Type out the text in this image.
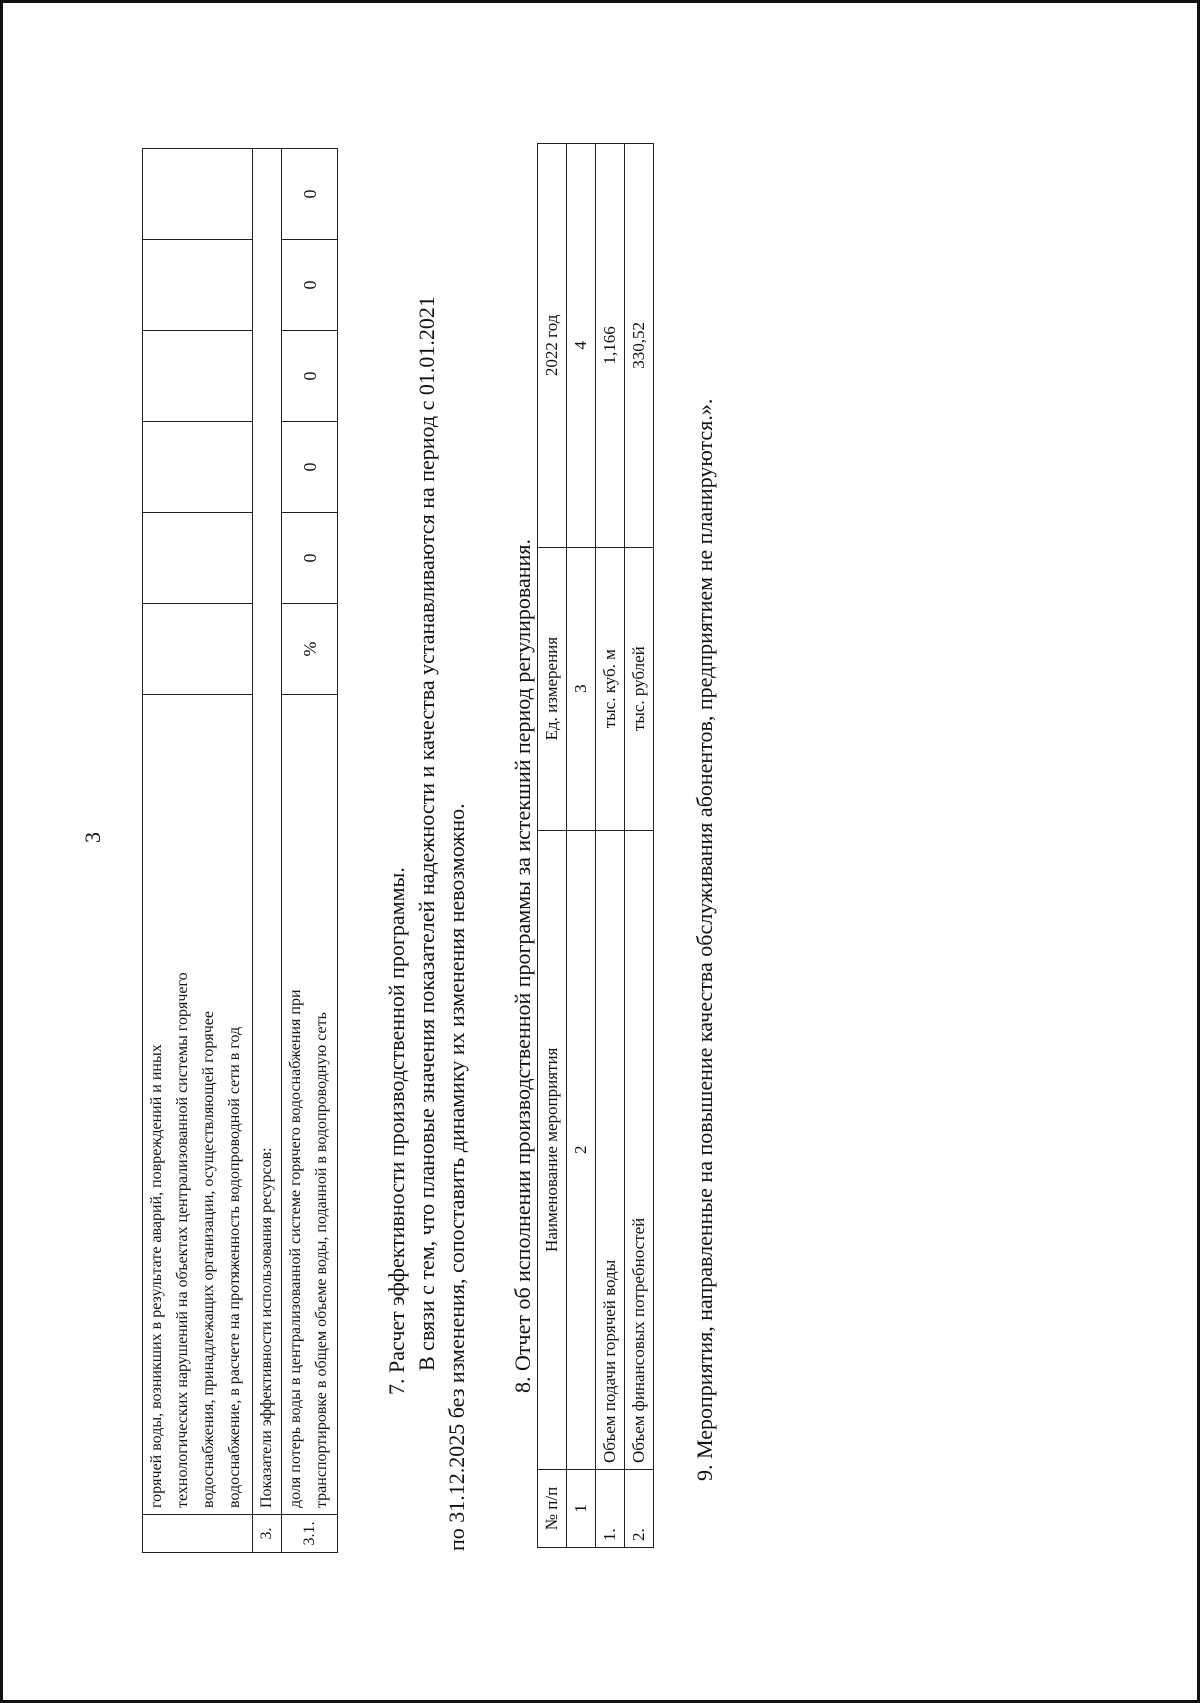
3

	горячей воды, возникших в результате аварий, повреждений и иных технологических нарушений на объектах централизованной системы горячего водоснабжения, принадлежащих организации, осуществляющей горячее водоснабжение, в расчете на протяженность водопроводной сети в год						

3.	Показатели эффективности использования ресурсов:						
3.1.	доля потерь воды в централизованной системе горячего водоснабжения при транспортировке в общем объеме воды, поданной в водопроводную сеть	%	0	0	0	0	0
7. Расчет эффективности производственной программы. В связи с тем, что плановые значения показателей надежности и качества устанавливаются на период с 01.01.2021 по 31.12.2025 без изменения, сопоставить динамику их изменения невозможно. 8. Отчет об исполнении производственной программы за истекший период регулирования.
№ п/п	Наименование мероприятия	Ед. измерения	2022 год
1	2	3	4
1.	Объем подачи горячей воды	тыс. куб. м	1,166
2.	Объем финансовых потребностей	тыс. рублей	330,52
9. Мероприятия, направленные на повышение качества обслуживания абонентов, предприятием не планируются.».
